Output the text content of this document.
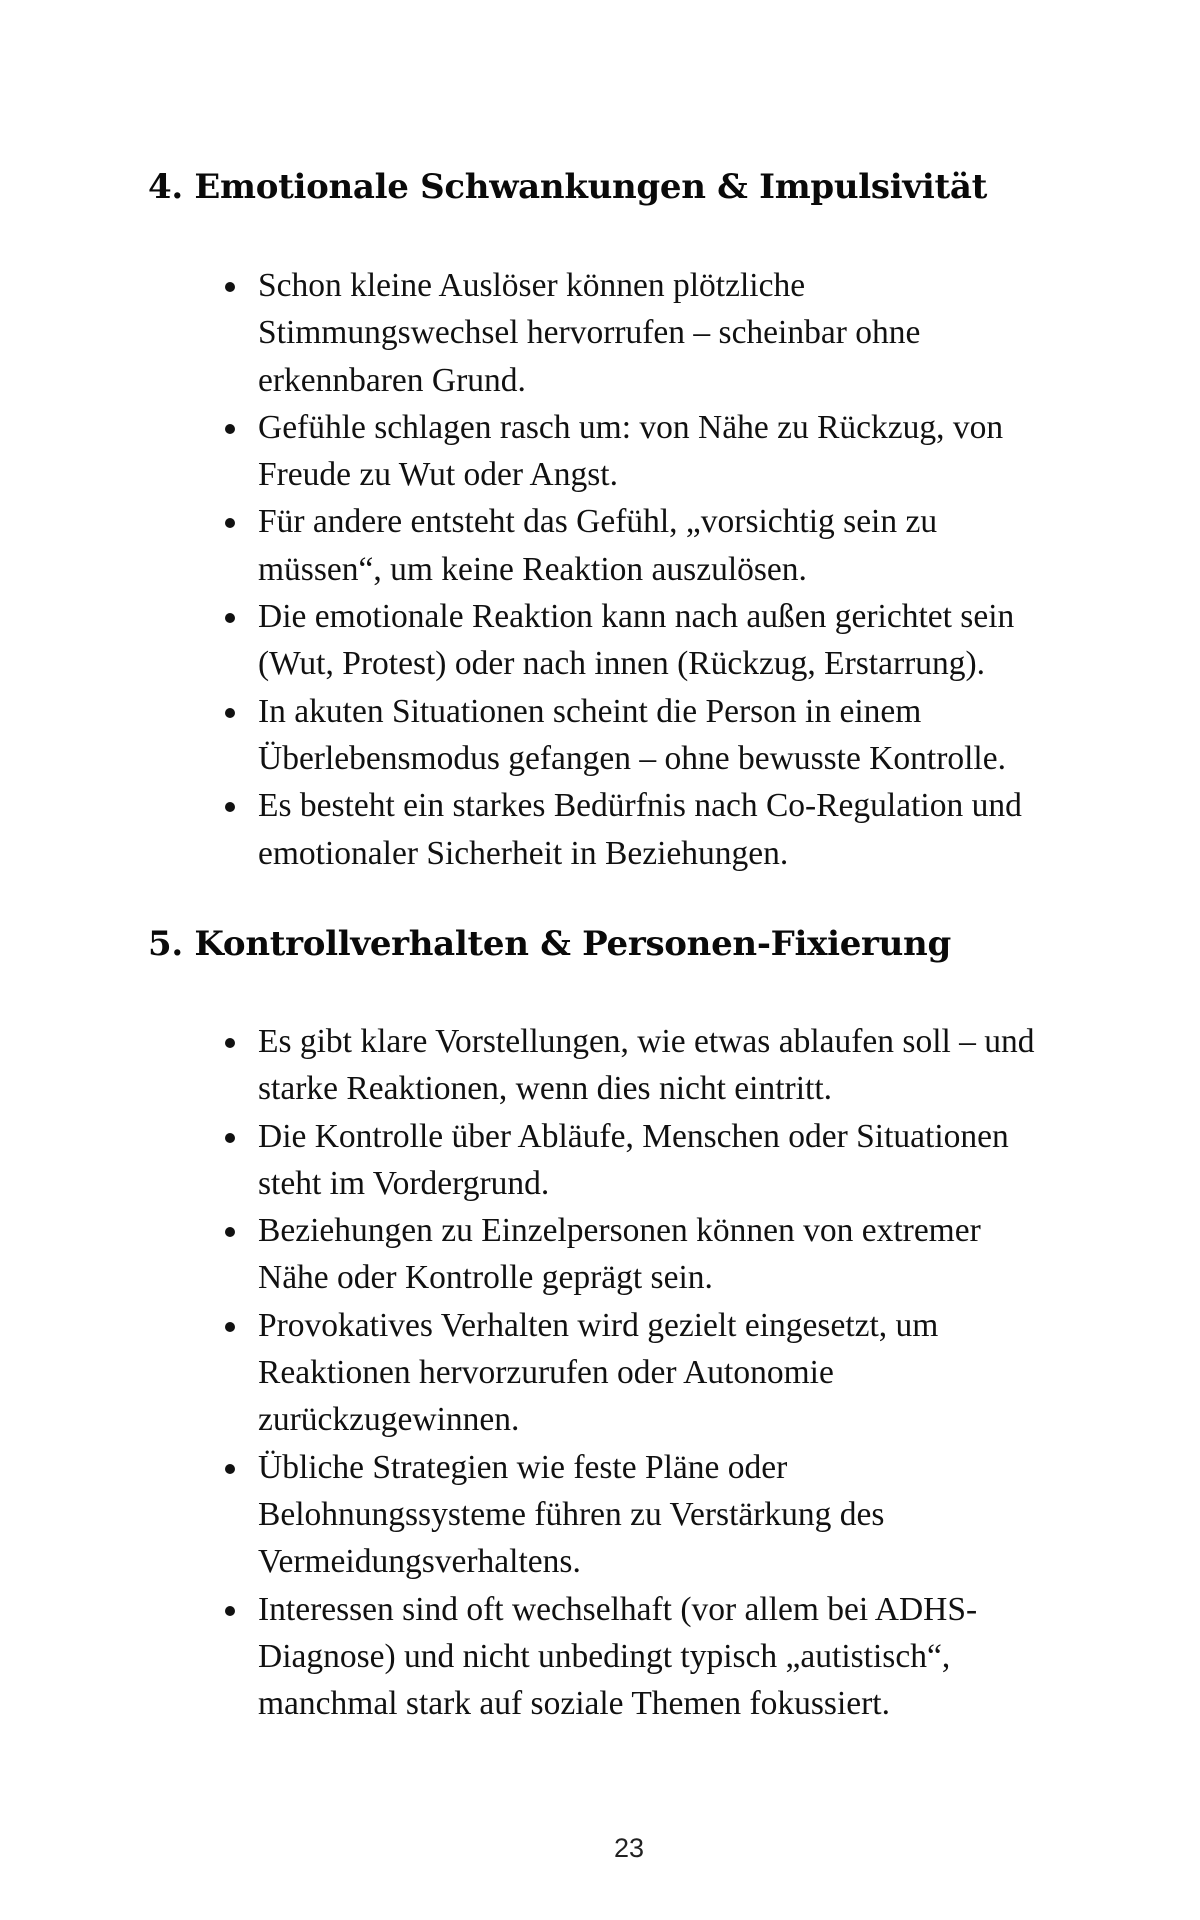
4. Emotionale Schwankungen & Impulsivität
Schon kleine Auslöser können plötzliche
Stimmungswechsel hervorrufen – scheinbar ohne
erkennbaren Grund.
Gefühle schlagen rasch um: von Nähe zu Rückzug, von
Freude zu Wut oder Angst.
Für andere entsteht das Gefühl, „vorsichtig sein zu
müssen“, um keine Reaktion auszulösen.
Die emotionale Reaktion kann nach außen gerichtet sein
(Wut, Protest) oder nach innen (Rückzug, Erstarrung).
In akuten Situationen scheint die Person in einem
Überlebensmodus gefangen – ohne bewusste Kontrolle.
Es besteht ein starkes Bedürfnis nach Co-Regulation und
emotionaler Sicherheit in Beziehungen.
5. Kontrollverhalten & Personen-Fixierung
Es gibt klare Vorstellungen, wie etwas ablaufen soll – und
starke Reaktionen, wenn dies nicht eintritt.
Die Kontrolle über Abläufe, Menschen oder Situationen
steht im Vordergrund.
Beziehungen zu Einzelpersonen können von extremer
Nähe oder Kontrolle geprägt sein.
Provokatives Verhalten wird gezielt eingesetzt, um
Reaktionen hervorzurufen oder Autonomie
zurückzugewinnen.
Übliche Strategien wie feste Pläne oder
Belohnungssysteme führen zu Verstärkung des
Vermeidungsverhaltens.
Interessen sind oft wechselhaft (vor allem bei ADHS-
Diagnose) und nicht unbedingt typisch „autistisch“,
manchmal stark auf soziale Themen fokussiert.
23
